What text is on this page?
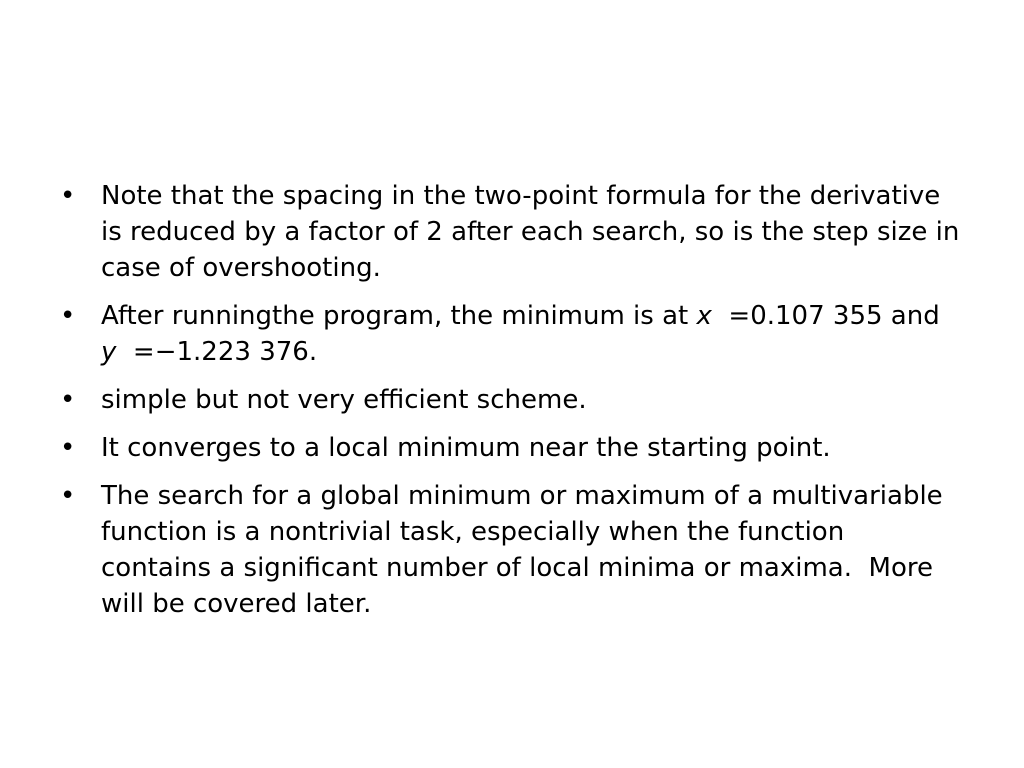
• Note that the spacing in the two-point formula for the derivative is reduced by a factor of 2 after each search, so is the step size in case of overshooting.
• After runningthe program, the minimum is at x  =0.107 355 and y  =−1.223 376.
• simple but not very efficient scheme.
• It converges to a local minimum near the starting point.
• The search for a global minimum or maximum of a multivariable function is a nontrivial task, especially when the function contains a significant number of local minima or maxima.  More will be covered later.
